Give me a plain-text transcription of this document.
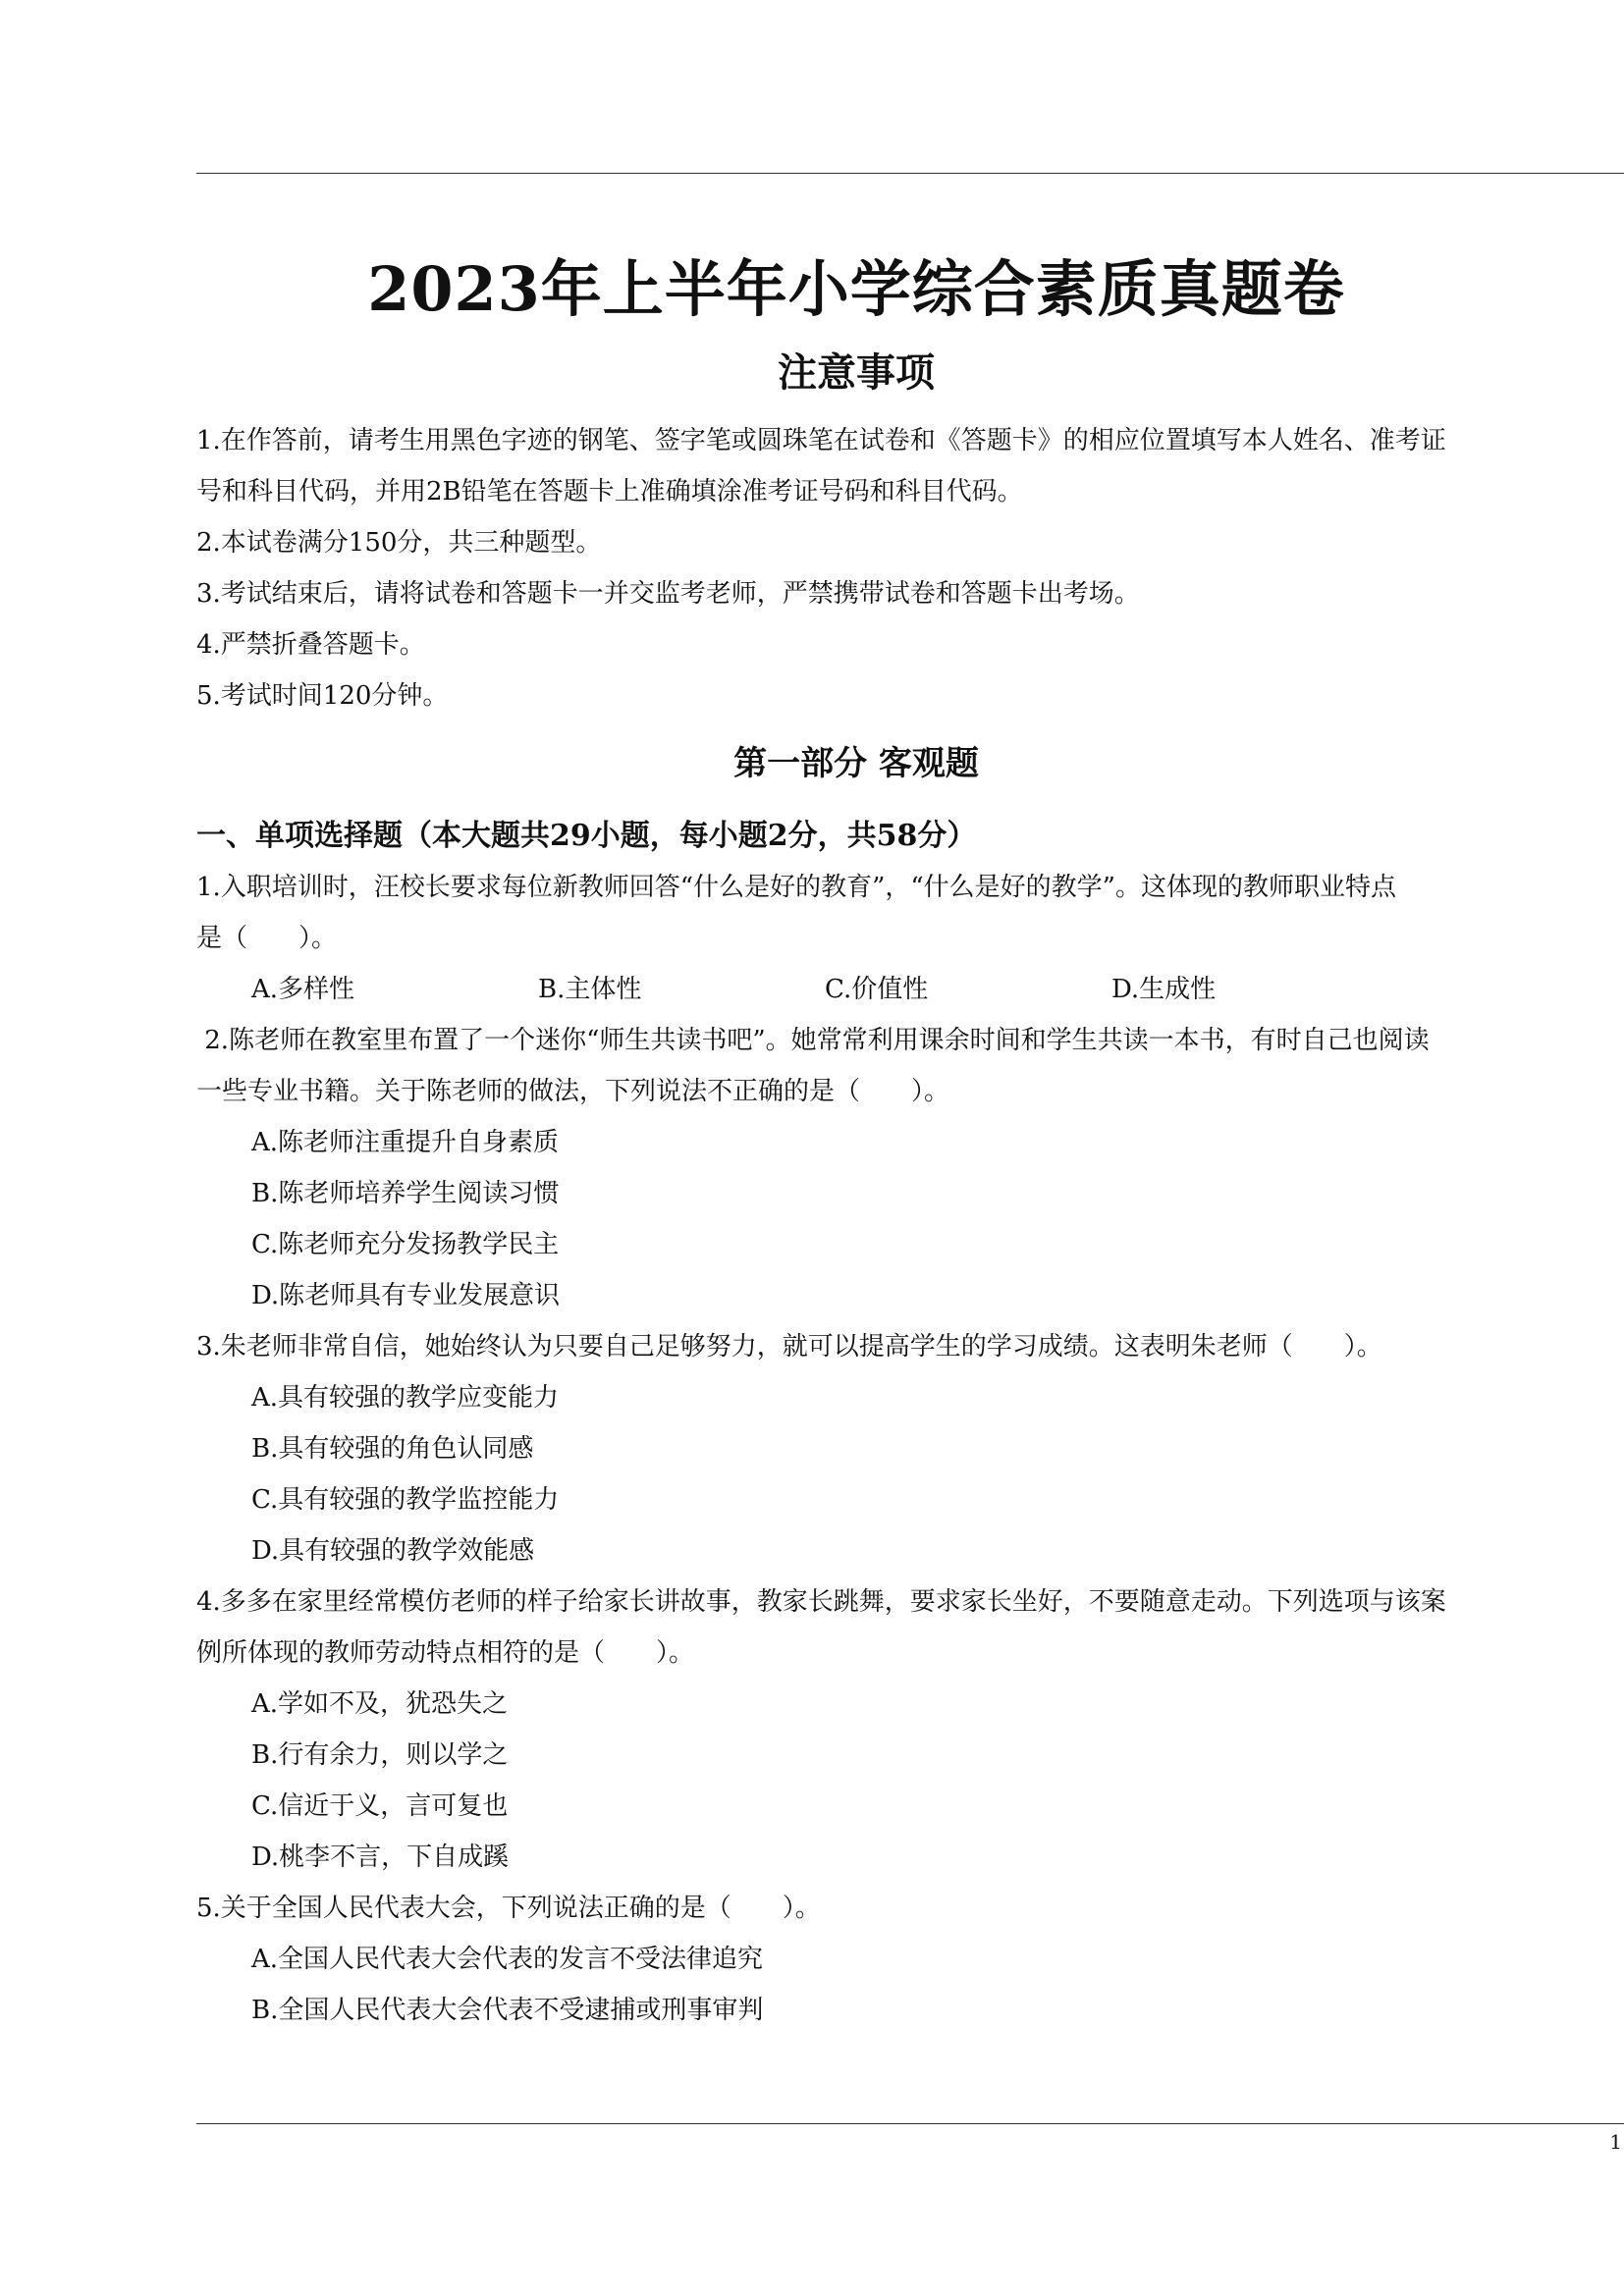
2023年上半年小学综合素质真题卷
注意事项

1.在作答前，请考生用黑色字迹的钢笔、签字笔或圆珠笔在试卷和《答题卡》的相应位置填写本人姓名、准考证

号和科目代码，并用2B铅笔在答题卡上准确填涂准考证号码和科目代码。

2.本试卷满分150分，共三种题型。

3.考试结束后，请将试卷和答题卡一并交监考老师，严禁携带试卷和答题卡出考场。

4.严禁折叠答题卡。

5.考试时间120分钟。

第一部分 客观题
一、单项选择题（本大题共29小题，每小题2分，共58分）

1.入职培训时，汪校长要求每位新教师回答“什么是好的教育”，“什么是好的教学”。这体现的教师职业特点

是（　　）。

A.多样性	B.主体性	C.价值性	D.生成性

2.陈老师在教室里布置了一个迷你“师生共读书吧”。她常常利用课余时间和学生共读一本书，有时自己也阅读

一些专业书籍。关于陈老师的做法，下列说法不正确的是（　　）。

A.陈老师注重提升自身素质
B.陈老师培养学生阅读习惯
C.陈老师充分发扬教学民主
D.陈老师具有专业发展意识

3.朱老师非常自信，她始终认为只要自己足够努力，就可以提高学生的学习成绩。这表明朱老师（　　）。

A.具有较强的教学应变能力
B.具有较强的角色认同感
C.具有较强的教学监控能力
D.具有较强的教学效能感

4.多多在家里经常模仿老师的样子给家长讲故事，教家长跳舞，要求家长坐好，不要随意走动。下列选项与该案

例所体现的教师劳动特点相符的是（　　）。

A.学如不及，犹恐失之
B.行有余力，则以学之
C.信近于义，言可复也
D.桃李不言，下自成蹊

5.关于全国人民代表大会，下列说法正确的是（　　）。

A.全国人民代表大会代表的发言不受法律追究
B.全国人民代表大会代表不受逮捕或刑事审判
1
